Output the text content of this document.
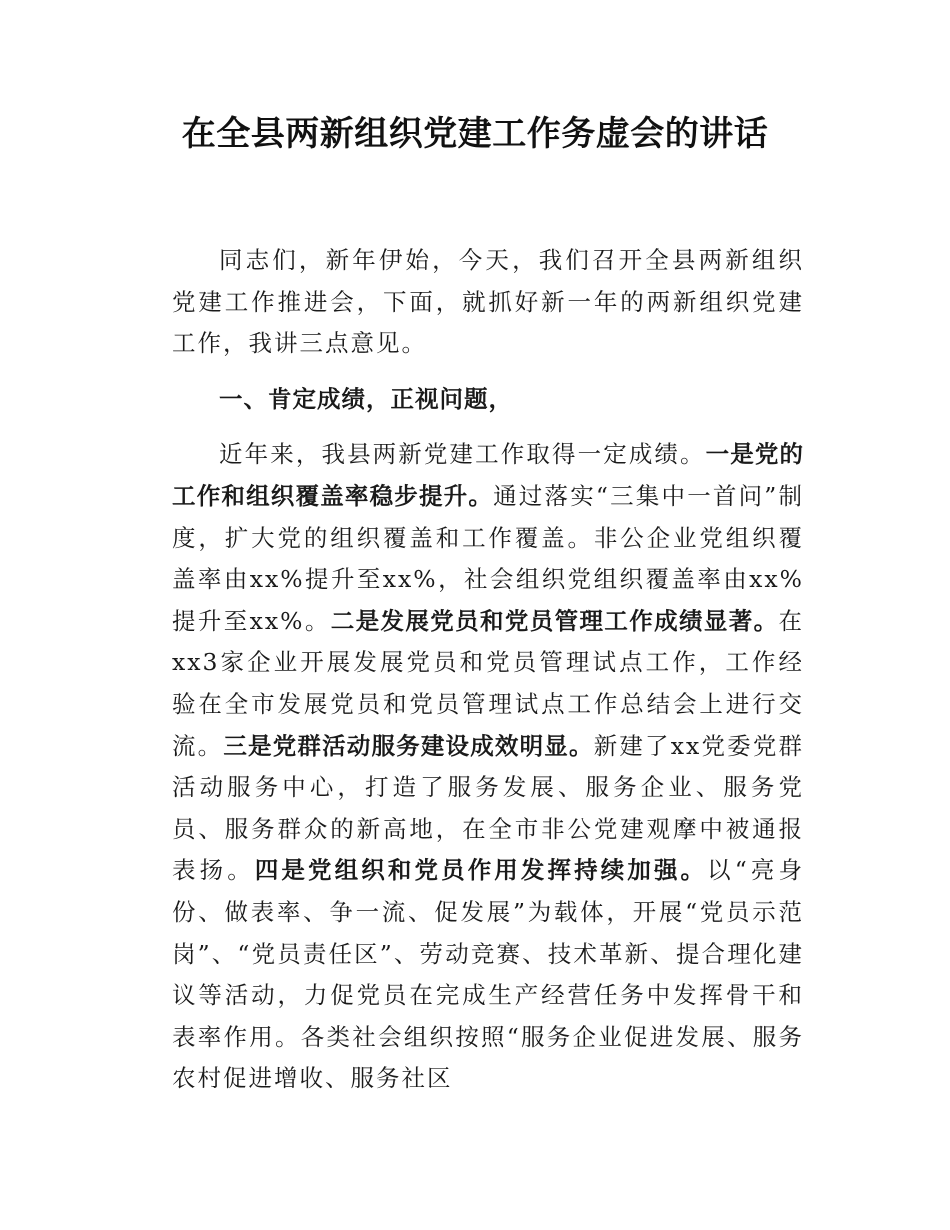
在全县两新组织党建工作务虚会的讲话

同志们，新年伊始，今天，我们召开全县两新组织党建工作推进会，下面，就抓好新一年的两新组织党建工作，我讲三点意见。

一、肯定成绩，正视问题，

近年来，我县两新党建工作取得一定成绩。一是党的工作和组织覆盖率稳步提升。通过落实“三集中一首问”制度，扩大党的组织覆盖和工作覆盖。非公企业党组织覆盖率由xx%提升至xx%，社会组织党组织覆盖率由xx%提升至xx%。二是发展党员和党员管理工作成绩显著。在xx3家企业开展发展党员和党员管理试点工作，工作经验在全市发展党员和党员管理试点工作总结会上进行交流。三是党群活动服务建设成效明显。新建了xx党委党群活动服务中心，打造了服务发展、服务企业、服务党员、服务群众的新高地，在全市非公党建观摩中被通报表扬。四是党组织和党员作用发挥持续加强。以“亮身份、做表率、争一流、促发展”为载体，开展“党员示范岗”、“党员责任区”、劳动竞赛、技术革新、提合理化建议等活动，力促党员在完成生产经营任务中发挥骨干和表率作用。各类社会组织按照“服务企业促进发展、服务农村促进增收、服务社区
